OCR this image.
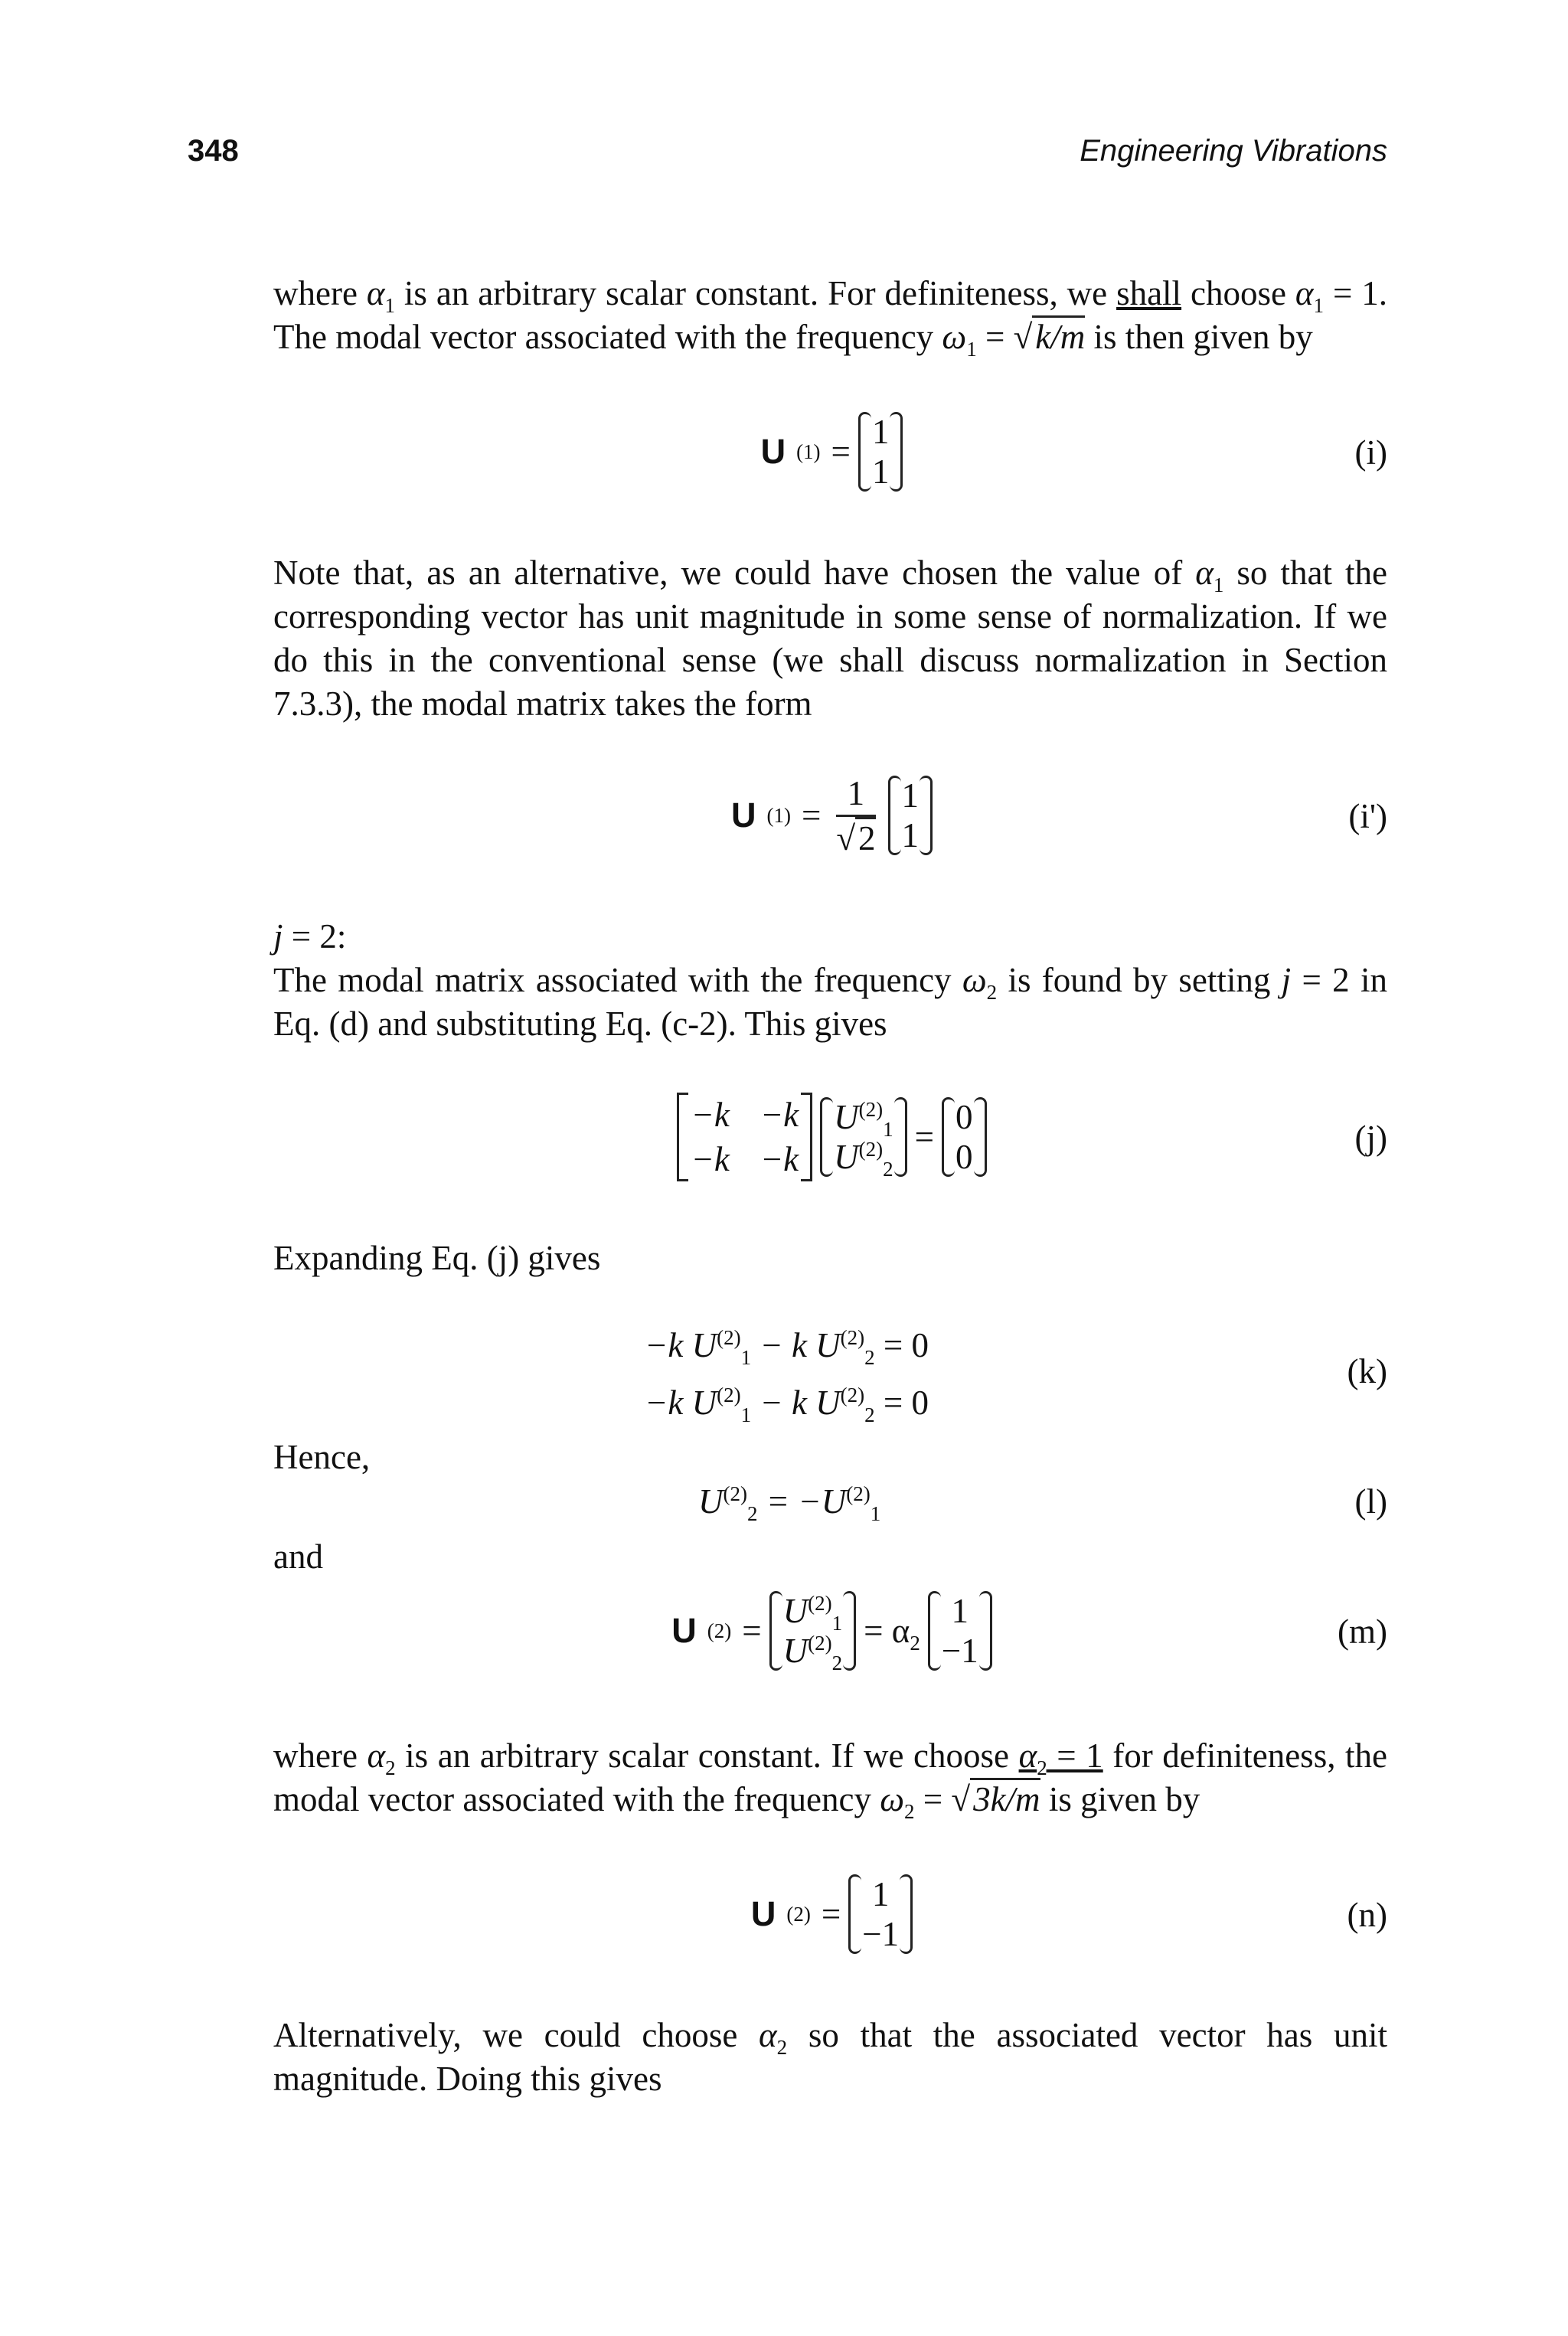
348	Engineering Vibrations
where $\alpha_1$ is an arbitrary scalar constant. For definiteness, we shall choose $\alpha_1 = 1$. The modal vector associated with the frequency $\omega_1 = √k/m$ is then given by
U (1) =
1
1	(i)
Note that, as an alternative, we could have chosen the value of $\alpha_1$ so that the corresponding vector has unit magnitude in some sense of normalization. If we do this in the conventional sense (we shall discuss normalization in Section 7.3.3), the modal matrix takes the form
U $(1) = \frac{1}{√2} 1$
1	(i')
j = 2:
The modal matrix associated with the frequency $\omega_2$ is found by setting j = 2 in Eq. (d) and substituting Eq. (c-2). This gives
−k −k
−k −k
$U^{(2)}_1$
$U^{(2)}_2$
=
0
0	(j)
Expanding Eq. (j) gives
−k $U^{(2)}_1 - k$ $U^{(2)}_2 = 0$
−k $U^{(2)}_1 - k$ $U^{(2)}_2 = 0$
(k)
Hence,
$U^{(2)}_2 = -U^{(2)}_1$	(l)
and
U (2) =
$U^{(2)}_1$
$U^{(2)}_2$
= $\alpha_2$
1
−1	(m)
where $\alpha_2$ is an arbitrary scalar constant. If we choose $\alpha_2 = 1$ for definiteness, the modal vector associated with the frequency $\omega_2 = √3k/m$ is given by
U (2) =
1
−1	(n)
Alternatively, we could choose $\alpha_2$ so that the associated vector has unit magnitude. Doing this gives
